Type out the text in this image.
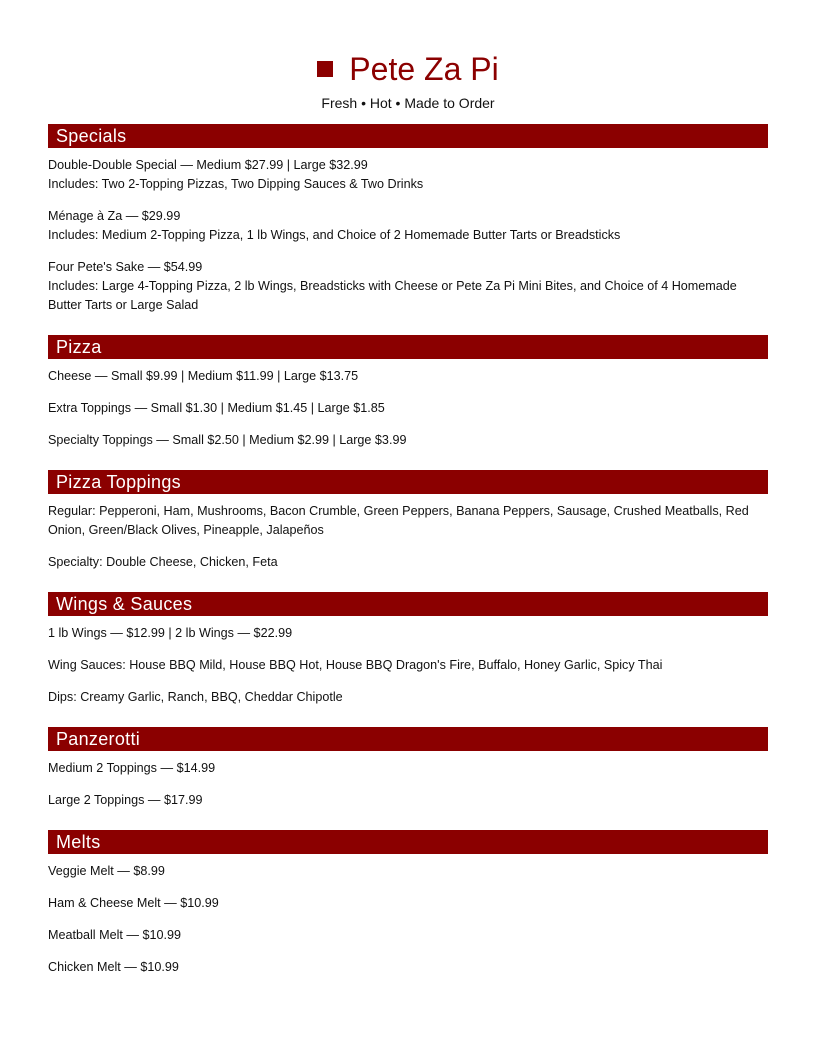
Pete Za Pi
Fresh • Hot • Made to Order
Specials
Double-Double Special — Medium $27.99 | Large $32.99
Includes: Two 2-Topping Pizzas, Two Dipping Sauces & Two Drinks
Ménage à Za — $29.99
Includes: Medium 2-Topping Pizza, 1 lb Wings, and Choice of 2 Homemade Butter Tarts or Breadsticks
Four Pete's Sake — $54.99
Includes: Large 4-Topping Pizza, 2 lb Wings, Breadsticks with Cheese or Pete Za Pi Mini Bites, and Choice of 4 Homemade Butter Tarts or Large Salad
Pizza
Cheese — Small $9.99 | Medium $11.99 | Large $13.75
Extra Toppings — Small $1.30 | Medium $1.45 | Large $1.85
Specialty Toppings — Small $2.50 | Medium $2.99 | Large $3.99
Pizza Toppings
Regular: Pepperoni, Ham, Mushrooms, Bacon Crumble, Green Peppers, Banana Peppers, Sausage, Crushed Meatballs, Red Onion, Green/Black Olives, Pineapple, Jalapeños
Specialty: Double Cheese, Chicken, Feta
Wings & Sauces
1 lb Wings — $12.99 | 2 lb Wings — $22.99
Wing Sauces: House BBQ Mild, House BBQ Hot, House BBQ Dragon's Fire, Buffalo, Honey Garlic, Spicy Thai
Dips: Creamy Garlic, Ranch, BBQ, Cheddar Chipotle
Panzerotti
Medium 2 Toppings — $14.99
Large 2 Toppings — $17.99
Melts
Veggie Melt — $8.99
Ham & Cheese Melt — $10.99
Meatball Melt — $10.99
Chicken Melt — $10.99
